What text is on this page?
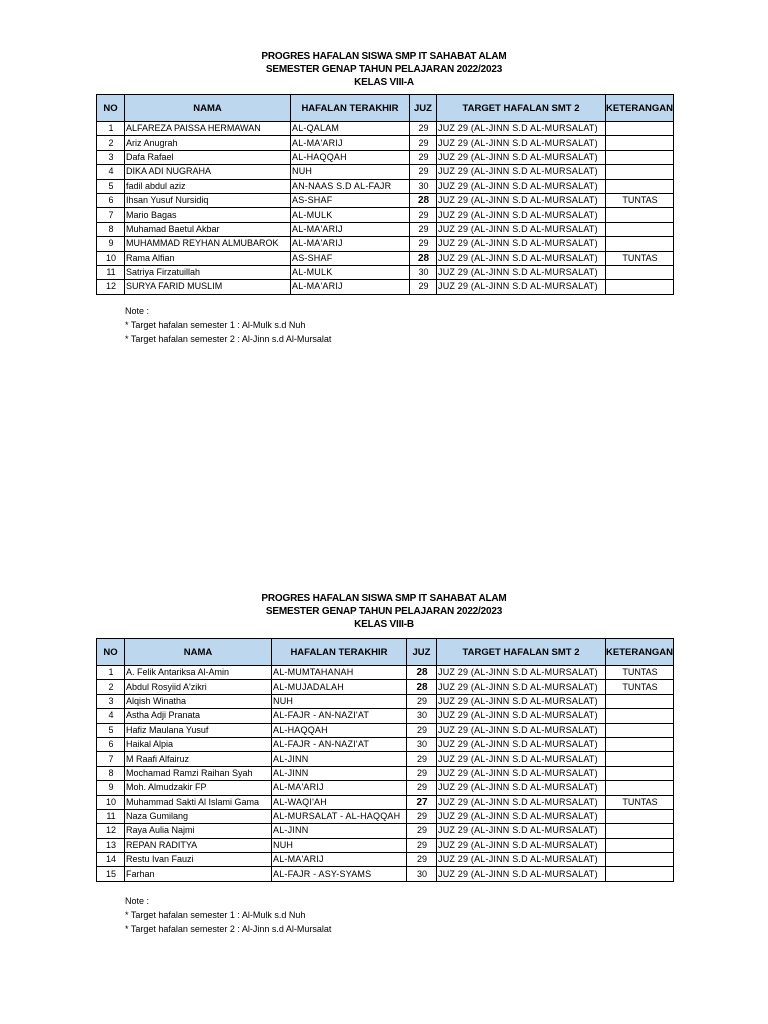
PROGRES HAFALAN SISWA SMP IT SAHABAT ALAM
SEMESTER GENAP TAHUN PELAJARAN 2022/2023
KELAS VIII-A
NO	NAMA	HAFALAN TERAKHIR	JUZ	TARGET HAFALAN SMT 2	KETERANGAN
1	ALFAREZA PAISSA HERMAWAN	AL-QALAM	29	JUZ 29 (AL-JINN S.D AL-MURSALAT)	
2	Ariz Anugrah	AL-MA'ARIJ	29	JUZ 29 (AL-JINN S.D AL-MURSALAT)	
3	Dafa Rafael	AL-HAQQAH	29	JUZ 29 (AL-JINN S.D AL-MURSALAT)	
4	DIKA ADI NUGRAHA	NUH	29	JUZ 29 (AL-JINN S.D AL-MURSALAT)	
5	fadil abdul aziz	AN-NAAS S.D AL-FAJR	30	JUZ 29 (AL-JINN S.D AL-MURSALAT)	
6	Ihsan Yusuf Nursidiq	AS-SHAF	28	JUZ 29 (AL-JINN S.D AL-MURSALAT)	TUNTAS
7	Mario Bagas	AL-MULK	29	JUZ 29 (AL-JINN S.D AL-MURSALAT)	
8	Muhamad Baetul Akbar	AL-MA'ARIJ	29	JUZ 29 (AL-JINN S.D AL-MURSALAT)	
9	MUHAMMAD REYHAN ALMUBAROK	AL-MA'ARIJ	29	JUZ 29 (AL-JINN S.D AL-MURSALAT)	
10	Rama Alfian	AS-SHAF	28	JUZ 29 (AL-JINN S.D AL-MURSALAT)	TUNTAS
11	Satriya Firzatuillah	AL-MULK	30	JUZ 29 (AL-JINN S.D AL-MURSALAT)	
12	SURYA FARID MUSLIM	AL-MA'ARIJ	29	JUZ 29 (AL-JINN S.D AL-MURSALAT)	
Note :
* Target hafalan semester 1 : Al-Mulk s.d Nuh
* Target hafalan semester 2 : Al-Jinn s.d Al-Mursalat
PROGRES HAFALAN SISWA SMP IT SAHABAT ALAM
SEMESTER GENAP TAHUN PELAJARAN 2022/2023
KELAS VIII-B
NO	NAMA	HAFALAN TERAKHIR	JUZ	TARGET HAFALAN SMT 2	KETERANGAN
1	A. Felik Antariksa Al-Amin	AL-MUMTAHANAH	28	JUZ 29 (AL-JINN S.D AL-MURSALAT)	TUNTAS
2	Abdul Rosyiid A'zikri	AL-MUJADALAH	28	JUZ 29 (AL-JINN S.D AL-MURSALAT)	TUNTAS
3	Alqish Winatha	NUH	29	JUZ 29 (AL-JINN S.D AL-MURSALAT)	
4	Astha Adji Pranata	AL-FAJR - AN-NAZI'AT	30	JUZ 29 (AL-JINN S.D AL-MURSALAT)	
5	Hafiz Maulana Yusuf	AL-HAQQAH	29	JUZ 29 (AL-JINN S.D AL-MURSALAT)	
6	Haikal Alpia	AL-FAJR - AN-NAZI'AT	30	JUZ 29 (AL-JINN S.D AL-MURSALAT)	
7	M Raafi Alfairuz	AL-JINN	29	JUZ 29 (AL-JINN S.D AL-MURSALAT)	
8	Mochamad Ramzi Raihan Syah	AL-JINN	29	JUZ 29 (AL-JINN S.D AL-MURSALAT)	
9	Moh. Almudzakir FP	AL-MA'ARIJ	29	JUZ 29 (AL-JINN S.D AL-MURSALAT)	
10	Muhammad Sakti Al Islami Gama	AL-WAQI'AH	27	JUZ 29 (AL-JINN S.D AL-MURSALAT)	TUNTAS
11	Naza Gumilang	AL-MURSALAT - AL-HAQQAH	29	JUZ 29 (AL-JINN S.D AL-MURSALAT)	
12	Raya Aulia Najmi	AL-JINN	29	JUZ 29 (AL-JINN S.D AL-MURSALAT)	
13	REPAN RADITYA	NUH	29	JUZ 29 (AL-JINN S.D AL-MURSALAT)	
14	Restu Ivan Fauzi	AL-MA'ARIJ	29	JUZ 29 (AL-JINN S.D AL-MURSALAT)	
15	Farhan	AL-FAJR - ASY-SYAMS	30	JUZ 29 (AL-JINN S.D AL-MURSALAT)	
Note :
* Target hafalan semester 1 : Al-Mulk s.d Nuh
* Target hafalan semester 2 : Al-Jinn s.d Al-Mursalat
